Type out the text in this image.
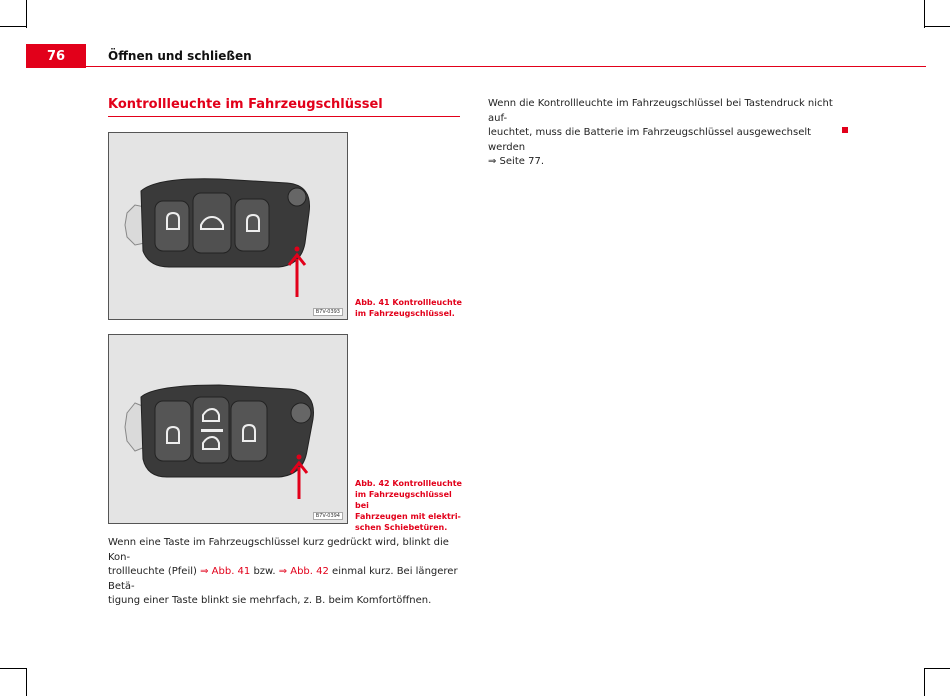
76	Öffnen und schließen
Kontrollleuchte im Fahrzeugschlüssel
B7V-0393

Abb. 41 Kontrollleuchte

im Fahrzeugschlüssel.

B7V-0394

Abb. 42 Kontrollleuchte

im Fahrzeugschlüssel bei

Fahrzeugen mit elektri-

schen Schiebetüren.

Wenn eine Taste im Fahrzeugschlüssel kurz gedrückt wird, blinkt die Kon-

trollleuchte (Pfeil) ⇒ Abb. 41 bzw. ⇒ Abb. 42 einmal kurz. Bei längerer Betä-

tigung einer Taste blinkt sie mehrfach, z. B. beim Komfortöffnen.

Wenn die Kontrollleuchte im Fahrzeugschlüssel bei Tastendruck nicht auf-

leuchtet, muss die Batterie im Fahrzeugschlüssel ausgewechselt werden

⇒ Seite 77.
